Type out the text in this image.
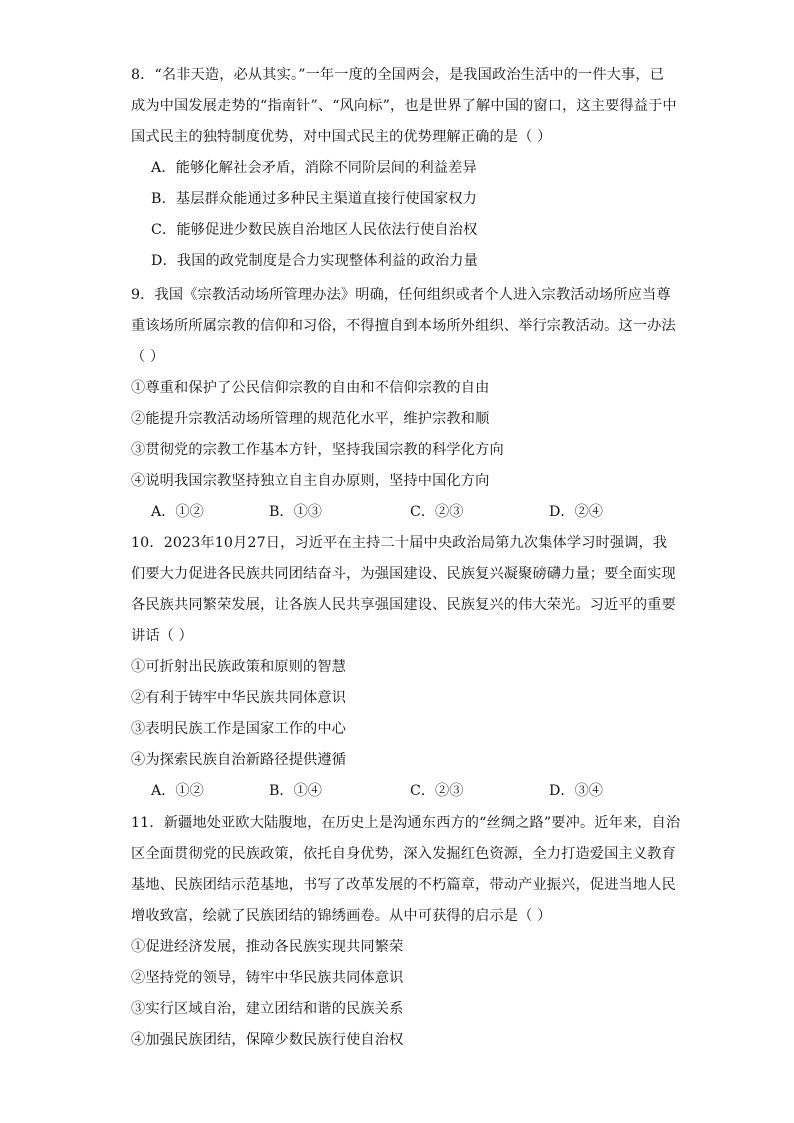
8．“名非天造，必从其实。”一年一度的全国两会，是我国政治生活中的一件大事，已
成为中国发展走势的“指南针”、“风向标”，也是世界了解中国的窗口，这主要得益于中
国式民主的独特制度优势，对中国式民主的优势理解正确的是（ ）
A．能够化解社会矛盾，消除不同阶层间的利益差异
B．基层群众能通过多种民主渠道直接行使国家权力
C．能够促进少数民族自治地区人民依法行使自治权
D．我国的政党制度是合力实现整体利益的政治力量
9．我国《宗教活动场所管理办法》明确，任何组织或者个人进入宗教活动场所应当尊
重该场所所属宗教的信仰和习俗，不得擅自到本场所外组织、举行宗教活动。这一办法
（ ）
①尊重和保护了公民信仰宗教的自由和不信仰宗教的自由
②能提升宗教活动场所管理的规范化水平，维护宗教和顺
③贯彻党的宗教工作基本方针，坚持我国宗教的科学化方向
④说明我国宗教坚持独立自主自办原则，坚持中国化方向
A．①②	B．①③	C．②③	D．②④
10．2023年10月27日，习近平在主持二十届中央政治局第九次集体学习时强调，我
们要大力促进各民族共同团结奋斗，为强国建设、民族复兴凝聚磅礴力量；要全面实现
各民族共同繁荣发展，让各族人民共享强国建设、民族复兴的伟大荣光。习近平的重要
讲话（ ）
①可折射出民族政策和原则的智慧
②有利于铸牢中华民族共同体意识
③表明民族工作是国家工作的中心
④为探索民族自治新路径提供遵循
A．①②	B．①④	C．②③	D．③④
11．新疆地处亚欧大陆腹地，在历史上是沟通东西方的“丝绸之路”要冲。近年来，自治
区全面贯彻党的民族政策，依托自身优势，深入发掘红色资源，全力打造爱国主义教育
基地、民族团结示范基地，书写了改革发展的不朽篇章，带动产业振兴，促进当地人民
增收致富，绘就了民族团结的锦绣画卷。从中可获得的启示是（ ）
①促进经济发展，推动各民族实现共同繁荣
②坚持党的领导，铸牢中华民族共同体意识
③实行区域自治，建立团结和谐的民族关系
④加强民族团结，保障少数民族行使自治权
